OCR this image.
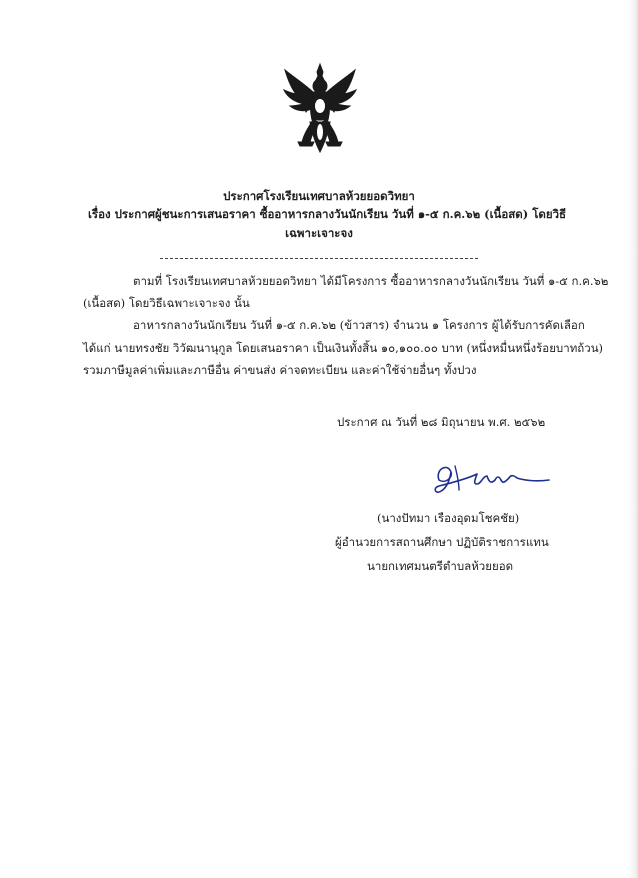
ประกาศโรงเรียนเทศบาลห้วยยอดวิทยา
เรื่อง ประกาศผู้ชนะการเสนอราคา ซื้ออาหารกลางวันนักเรียน วันที่ ๑-๕ ก.ค.๖๒ (เนื้อสด) โดยวิธี
เฉพาะเจาะจง
ตามที่ โรงเรียนเทศบาลห้วยยอดวิทยา ได้มีโครงการ ซื้ออาหารกลางวันนักเรียน วันที่ ๑-๕ ก.ค.๖๒
(เนื้อสด) โดยวิธีเฉพาะเจาะจง นั้น
อาหารกลางวันนักเรียน วันที่ ๑-๕ ก.ค.๖๒ (ข้าวสาร) จำนวน ๑ โครงการ ผู้ได้รับการคัดเลือก
ได้แก่ นายทรงชัย วิวัฒนานุกูล โดยเสนอราคา เป็นเงินทั้งสิ้น ๑๐,๑๐๐.๐๐ บาท (หนึ่งหมื่นหนึ่งร้อยบาทถ้วน)
รวมภาษีมูลค่าเพิ่มและภาษีอื่น ค่าขนส่ง ค่าจดทะเบียน และค่าใช้จ่ายอื่นๆ ทั้งปวง
ประกาศ ณ วันที่ ๒๘ มิถุนายน พ.ศ. ๒๕๖๒
(นางปัทมา เรืองอุดมโชคชัย)
ผู้อำนวยการสถานศึกษา ปฏิบัติราชการแทน
นายกเทศมนตรีตำบลห้วยยอด
